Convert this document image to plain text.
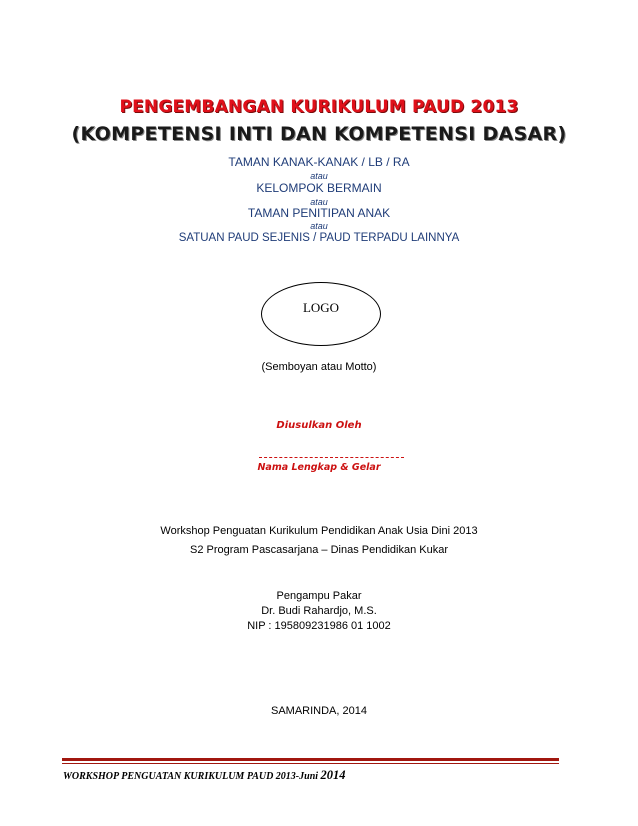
PENGEMBANGAN KURIKULUM PAUD 2013
(KOMPETENSI INTI DAN KOMPETENSI DASAR)
TAMAN KANAK-KANAK / LB / RA
atau
KELOMPOK BERMAIN
atau
TAMAN PENITIPAN ANAK
atau
SATUAN PAUD SEJENIS / PAUD TERPADU LAINNYA
LOGO
(Semboyan atau Motto)
Diusulkan Oleh
Nama Lengkap & Gelar
Workshop Penguatan Kurikulum Pendidikan Anak Usia Dini 2013
S2 Program Pascasarjana – Dinas Pendidikan Kukar
Pengampu Pakar
Dr. Budi Rahardjo, M.S.
NIP : 195809231986 01 1002
SAMARINDA, 2014
WORKSHOP PENGUATAN KURIKULUM PAUD 2013-Juni 2014
